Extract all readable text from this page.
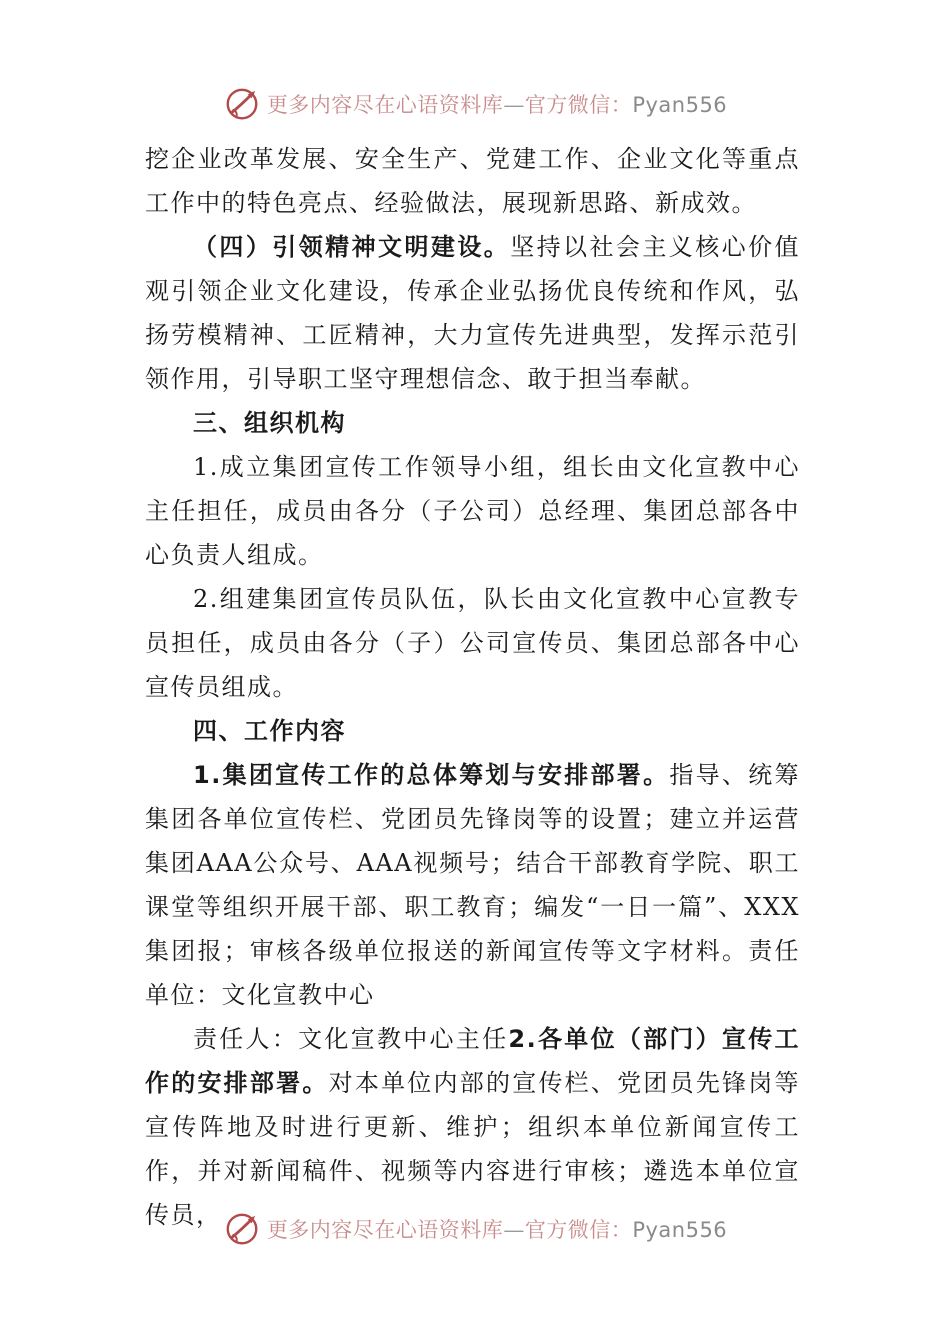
更多内容尽在心语资料库—官方微信：Pyan556

挖企业改革发展、安全生产、党建工作、企业文化等重点工作中的特色亮点、经验做法，展现新思路、新成效。

（四）引领精神文明建设。坚持以社会主义核心价值观引领企业文化建设，传承企业弘扬优良传统和作风，弘扬劳模精神、工匠精神，大力宣传先进典型，发挥示范引领作用，引导职工坚守理想信念、敢于担当奉献。

三、组织机构

1.成立集团宣传工作领导小组，组长由文化宣教中心主任担任，成员由各分（子公司）总经理、集团总部各中心负责人组成。

2.组建集团宣传员队伍，队长由文化宣教中心宣教专员担任，成员由各分（子）公司宣传员、集团总部各中心宣传员组成。

四、工作内容

1.集团宣传工作的总体筹划与安排部署。指导、统筹集团各单位宣传栏、党团员先锋岗等的设置；建立并运营集团AAA公众号、AAA视频号；结合干部教育学院、职工课堂等组织开展干部、职工教育；编发“一日一篇”、XXX集团报；审核各级单位报送的新闻宣传等文字材料。责任单位：文化宣教中心

责任人：文化宣教中心主任2.各单位（部门）宣传工作的安排部署。对本单位内部的宣传栏、党团员先锋岗等宣传阵地及时进行更新、维护；组织本单位新闻宣传工作，并对新闻稿件、视频等内容进行审核；遴选本单位宣传员，

更多内容尽在心语资料库—官方微信：Pyan556
